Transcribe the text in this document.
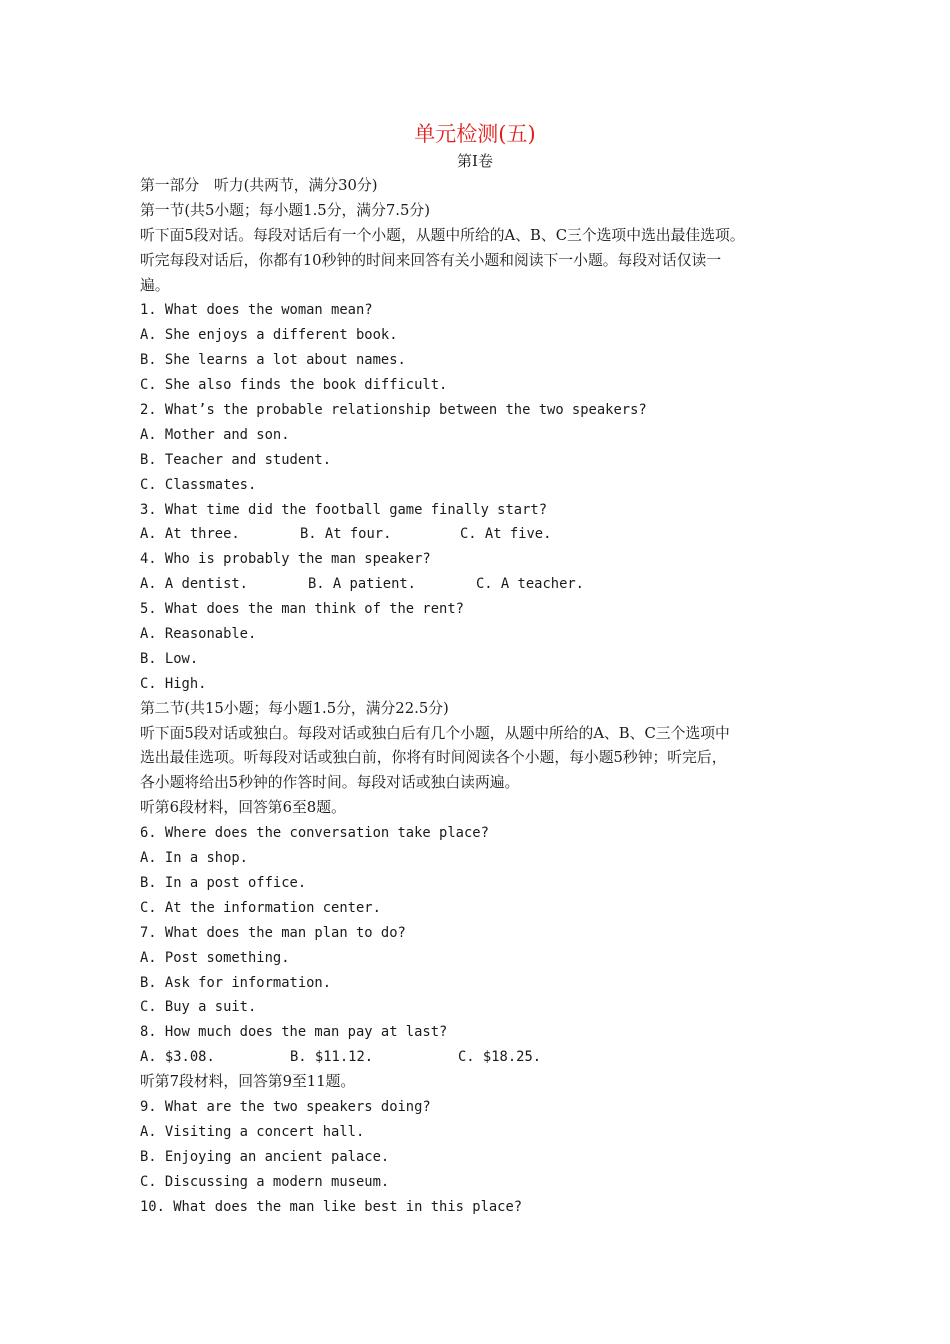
单元检测(五)
第Ⅰ卷
第一部分　听力(共两节，满分30分)
第一节(共5小题；每小题1.5分，满分7.5分)
听下面5段对话。每段对话后有一个小题，从题中所给的A、B、C三个选项中选出最佳选项。
听完每段对话后，你都有10秒钟的时间来回答有关小题和阅读下一小题。每段对话仅读一
遍。
1. What does the woman mean?
A. She enjoys a different book.
B. She learns a lot about names.
C. She also finds the book difficult.
2. What’s the probable relationship between the two speakers?
A. Mother and son.
B. Teacher and student.
C. Classmates.
3. What time did the football game finally start?
A. At three.	B. At four.	C. At five.
4. Who is probably the man speaker?
A. A dentist.	B. A patient.	C. A teacher.
5. What does the man think of the rent?
A. Reasonable.
B. Low.
C. High.
第二节(共15小题；每小题1.5分，满分22.5分)
听下面5段对话或独白。每段对话或独白后有几个小题，从题中所给的A、B、C三个选项中
选出最佳选项。听每段对话或独白前，你将有时间阅读各个小题，每小题5秒钟；听完后，
各小题将给出5秒钟的作答时间。每段对话或独白读两遍。
听第6段材料，回答第6至8题。
6. Where does the conversation take place?
A. In a shop.
B. In a post office.
C. At the information center.
7. What does the man plan to do?
A. Post something.
B. Ask for information.
C. Buy a suit.
8. How much does the man pay at last?
A. $3.08.	B. $11.12.	C. $18.25.
听第7段材料，回答第9至11题。
9. What are the two speakers doing?
A. Visiting a concert hall.
B. Enjoying an ancient palace.
C. Discussing a modern museum.
10. What does the man like best in this place?
